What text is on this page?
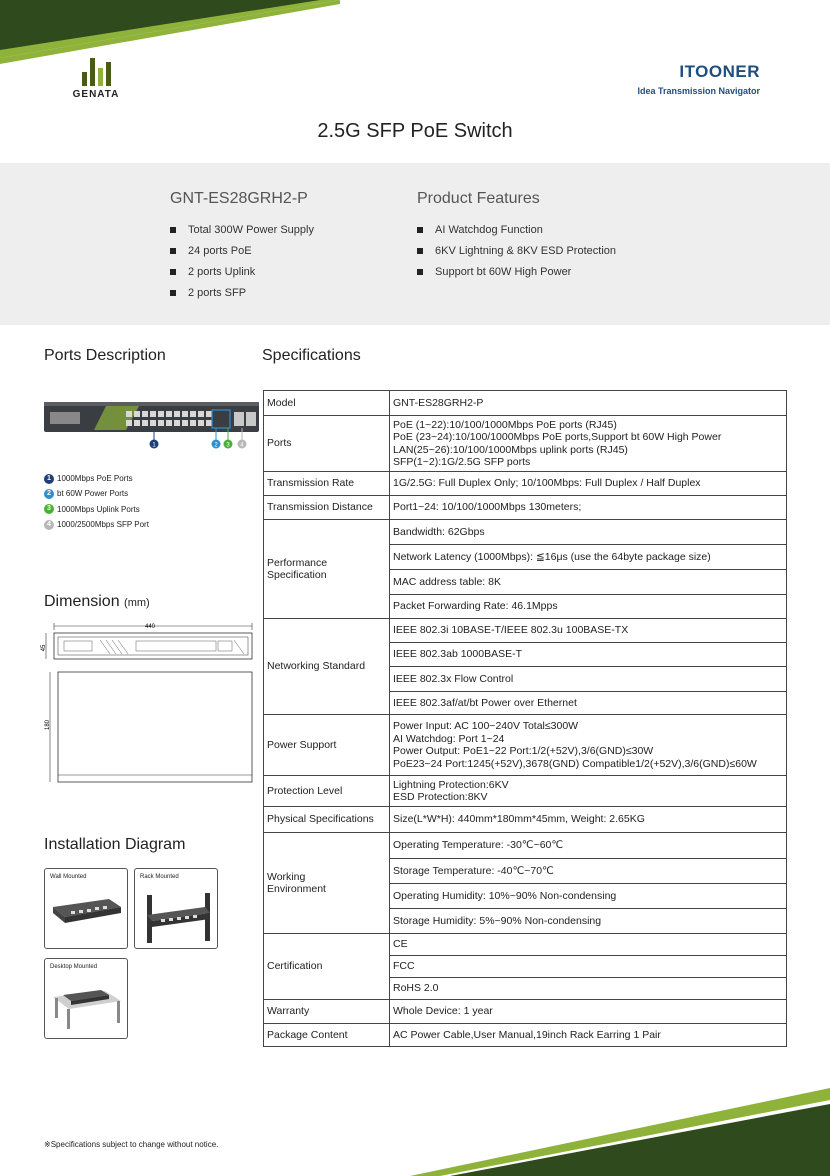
GENATA
ITOONER
Idea Transmission Navigator
2.5G SFP PoE Switch
GNT-ES28GRH2-P
Total 300W Power Supply
24 ports PoE
2 ports Uplink
2 ports SFP
Product Features
AI Watchdog Function
6KV Lightning & 8KV ESD Protection
Support bt 60W High Power
Ports Description
1	2 3 4
1 1000Mbps PoE Ports
2 bt 60W Power Ports
3 1000Mbps Uplink Ports
4 1000/2500Mbps SFP Port
Dimension (mm)
440
45
180
Installation Diagram
Wall Mounted	Rack Mounted
Desktop Mounted
Specifications
Model	GNT-ES28GRH2-P
Ports	PoE (1~22):10/100/1000Mbps PoE ports (RJ45)
PoE (23~24):10/100/1000Mbps PoE ports,Support bt 60W High Power
LAN(25~26):10/100/1000Mbps uplink ports (RJ45)
SFP(1~2):1G/2.5G SFP ports
Transmission Rate	1G/2.5G: Full Duplex Only; 10/100Mbps: Full Duplex / Half Duplex
Transmission Distance	Port1~24: 10/100/1000Mbps 130meters;
Performance
Specification	Bandwidth: 62Gbps
	Network Latency (1000Mbps): ≦16μs (use the 64byte package size)
	MAC address table: 8K
	Packet Forwarding Rate: 46.1Mpps
Networking Standard	IEEE 802.3i 10BASE-T/IEEE 802.3u 100BASE-TX
	IEEE 802.3ab 1000BASE-T
	IEEE 802.3x Flow Control
	IEEE 802.3af/at/bt Power over Ethernet
Power Support	Power Input: AC 100~240V Total≤300W
AI Watchdog: Port 1~24
Power Output: PoE1~22 Port:1/2(+52V),3/6(GND)≤30W
PoE23~24 Port:1245(+52V),3678(GND) Compatible1/2(+52V),3/6(GND)≤60W
Protection Level	Lightning Protection:6KV
ESD Protection:8KV
Physical Specifications	Size(L*W*H): 440mm*180mm*45mm, Weight: 2.65KG
Working
Environment	Operating Temperature: -30℃~60℃
	Storage Temperature: -40℃~70℃
	Operating Humidity: 10%~90% Non-condensing
	Storage Humidity: 5%~90% Non-condensing
Certification	CE
	FCC
	RoHS 2.0
Warranty	Whole Device: 1 year
Package Content	AC Power Cable,User Manual,19inch Rack Earring 1 Pair
※Specifications subject to change without notice.
